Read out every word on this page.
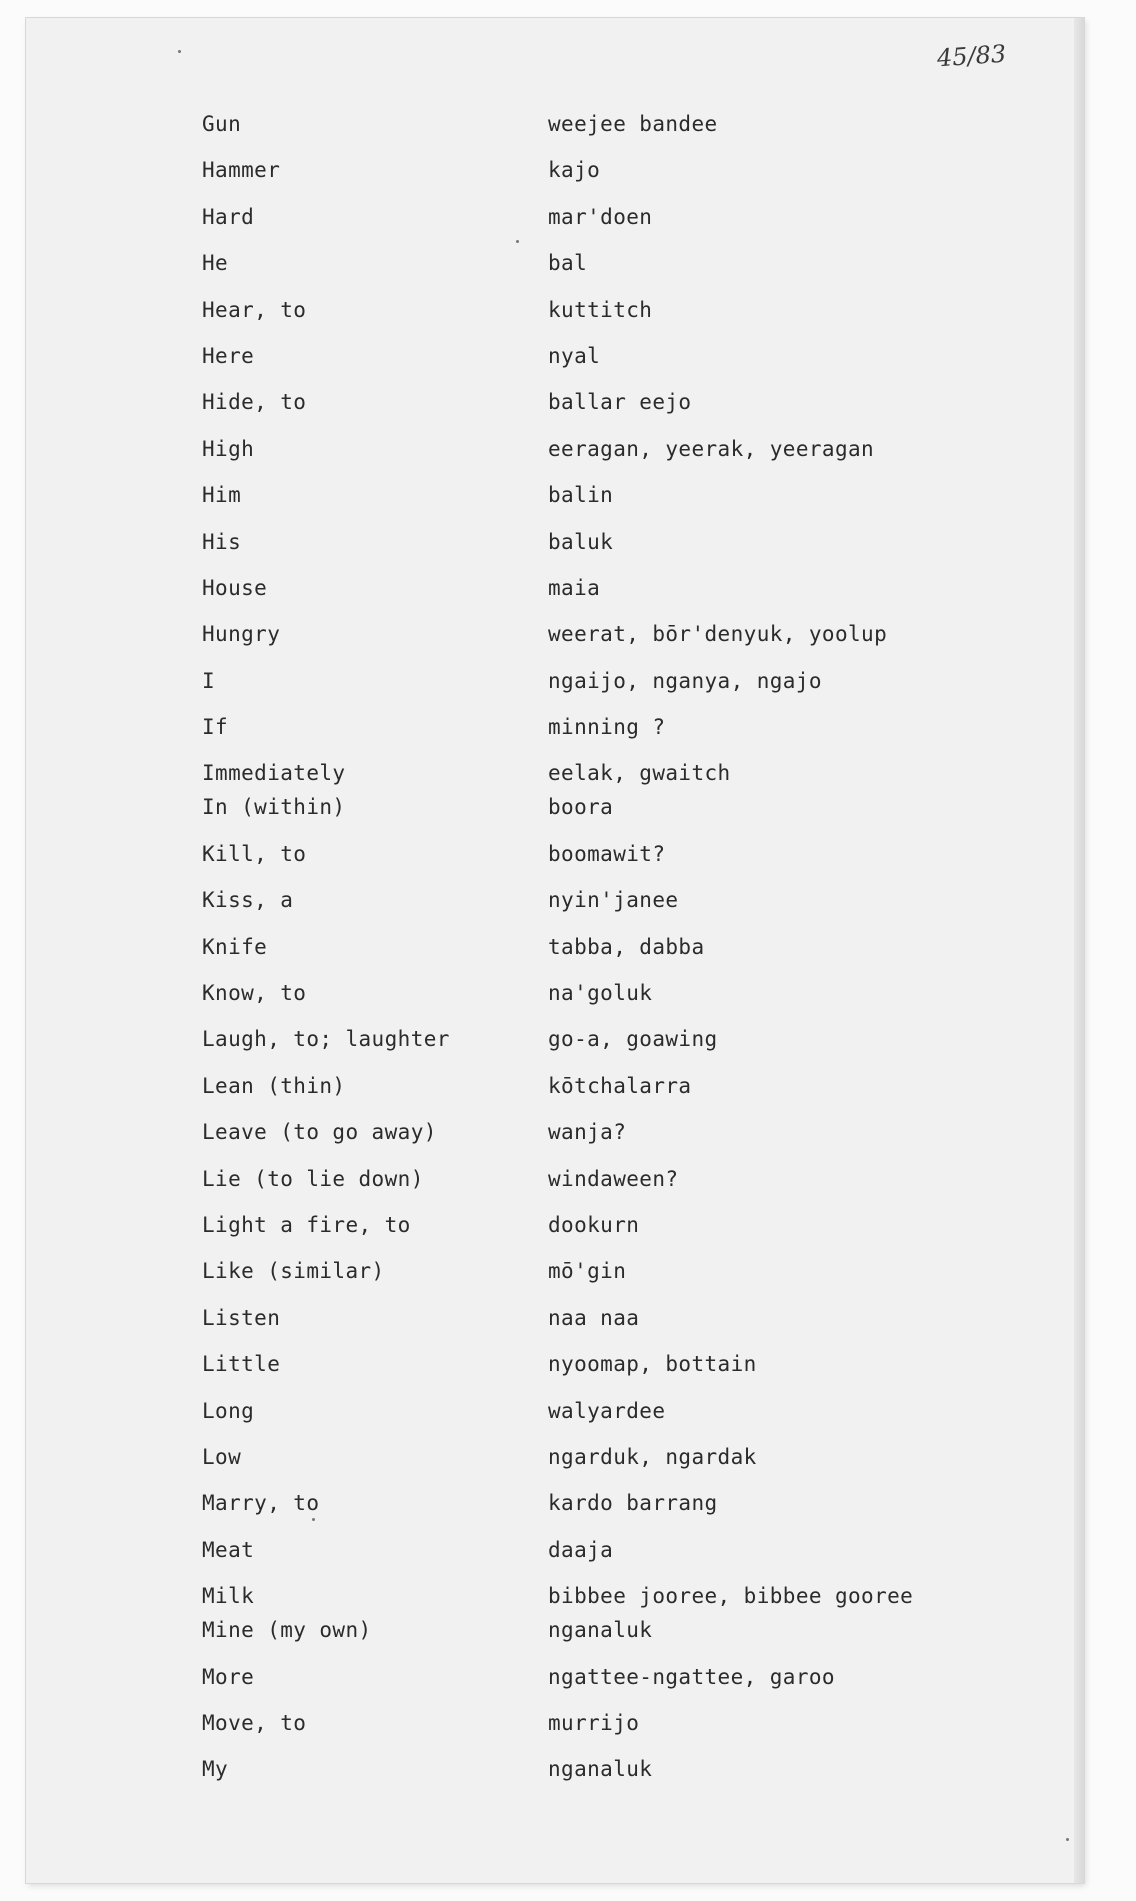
45/83
Gun	weejee bandee
Hammer	kajo
Hard	mar'doen
He	bal
Hear, to	kuttitch
Here	nyal
Hide, to	ballar eejo
High	eeragan, yeerak, yeeragan
Him	balin
His	baluk
House	maia
Hungry	weerat, bōr'denyuk, yoolup
I	ngaijo, nganya, ngajo
If	minning ?
Immediately	eelak, gwaitch
In (within)	boora
Kill, to	boomawit?
Kiss, a	nyin'janee
Knife	tabba, dabba
Know, to	na'goluk
Laugh, to; laughter	go-a, goawing
Lean (thin)	kōtchalarra
Leave (to go away)	wanja?
Lie (to lie down)	windaween?
Light a fire, to	dookurn
Like (similar)	mō'gin
Listen	naa naa
Little	nyoomap, bottain
Long	walyardee
Low	ngarduk, ngardak
Marry, to	kardo barrang
Meat	daaja
Milk	bibbee jooree, bibbee gooree
Mine (my own)	nganaluk
More	ngattee-ngattee, garoo
Move, to	murrijo
My	nganaluk
